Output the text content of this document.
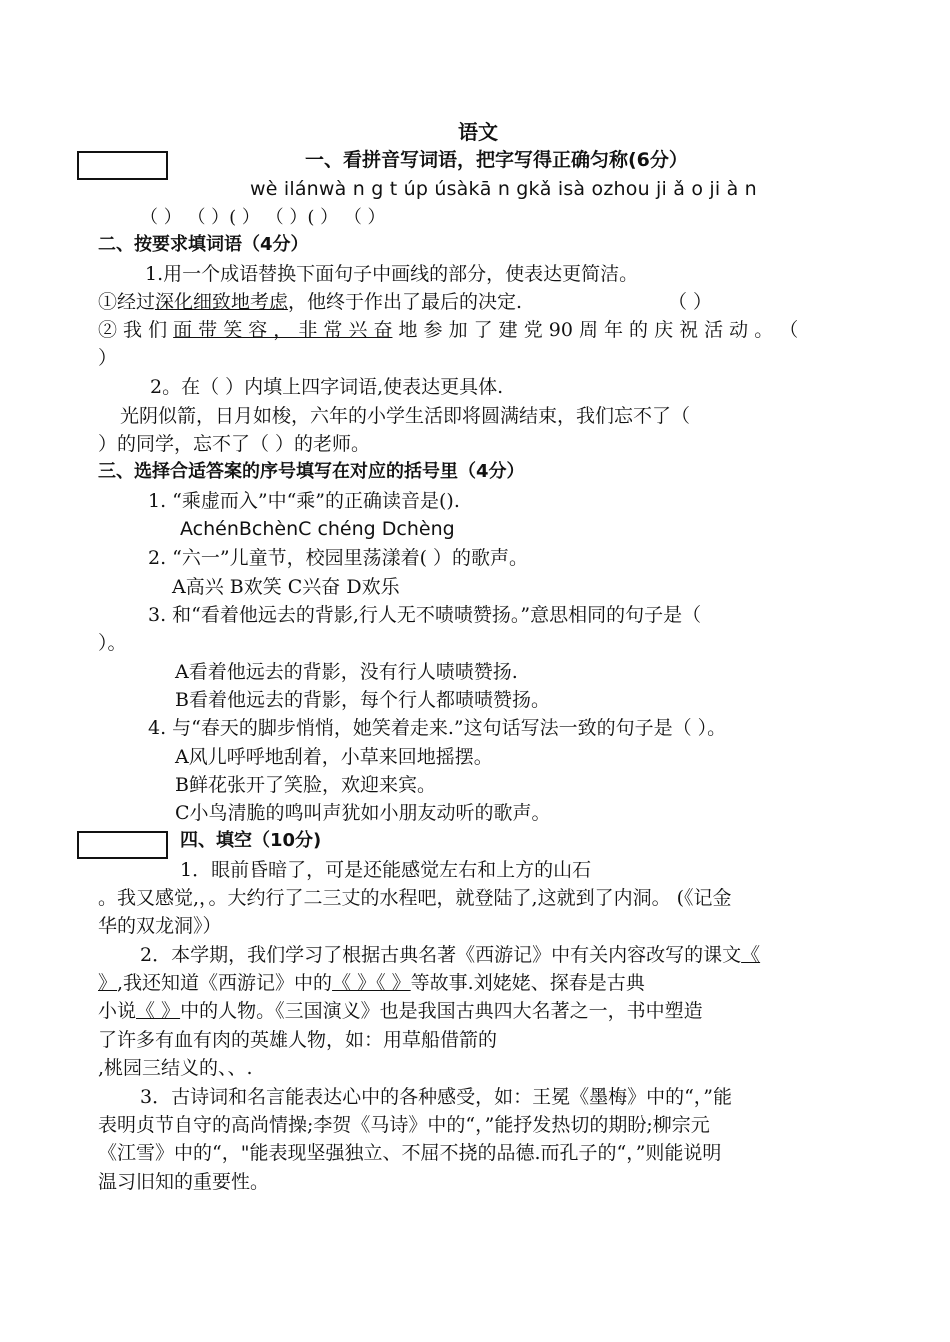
语文
一、看拼音写词语，把字写得正确匀称(6分）
wè ilánwà n g t úp úsàkā n gkǎ isà ozhou ji ǎ o ji à n
（ ） （ ）( ） （ ）( ） （ ）
二、按要求填词语（4分）
1.用一个成语替换下面句子中画线的部分，使表达更简洁。
①经过深化细致地考虑，他终于作出了最后的决定.	（ ）
② 我 们 面 带 笑 容 ， 非 常 兴 奋 地 参 加 了 建 党 90 周 年 的 庆 祝 活 动 。 （
）
2。在（ ）内填上四字词语,使表达更具体.
光阴似箭，日月如梭，六年的小学生活即将圆满结束，我们忘不了（
）的同学，忘不了（ ）的老师。
三、选择合适答案的序号填写在对应的括号里（4分）
1. “乘虚而入”中“乘”的正确读音是().
AchénBchènC chéng Dchèng
2. “六一”儿童节，校园里荡漾着( ）的歌声。
A高兴 B欢笑 C兴奋 D欢乐
3. 和“看着他远去的背影,行人无不啧啧赞扬。”意思相同的句子是（
）。
A看着他远去的背影，没有行人啧啧赞扬.
B看着他远去的背影，每个行人都啧啧赞扬。
4. 与“春天的脚步悄悄，她笑着走来.”这句话写法一致的句子是（ ）。
A风儿呼呼地刮着，小草来回地摇摆。
B鲜花张开了笑脸，欢迎来宾。
C小鸟清脆的鸣叫声犹如小朋友动听的歌声。
四、填空（10分)
1．眼前昏暗了，可是还能感觉左右和上方的山石
。我又感觉,，。大约行了二三丈的水程吧，就登陆了,这就到了内洞。 (《记金
华的双龙洞》）
2．本学期，我们学习了根据古典名著《西游记》中有关内容改写的课文《
》,我还知道《西游记》中的《 》《 》等故事.刘姥姥、探春是古典
小说《 》中的人物。《三国演义》也是我国古典四大名著之一，书中塑造
了许多有血有肉的英雄人物，如：用草船借箭的
,桃园三结义的、、.
3．古诗词和名言能表达心中的各种感受，如：王冕《墨梅》中的“，”能
表明贞节自守的高尚情操;李贺《马诗》中的“，”能抒发热切的期盼;柳宗元
《江雪》中的“，"能表现坚强独立、不屈不挠的品德.而孔子的“，”则能说明
温习旧知的重要性。
